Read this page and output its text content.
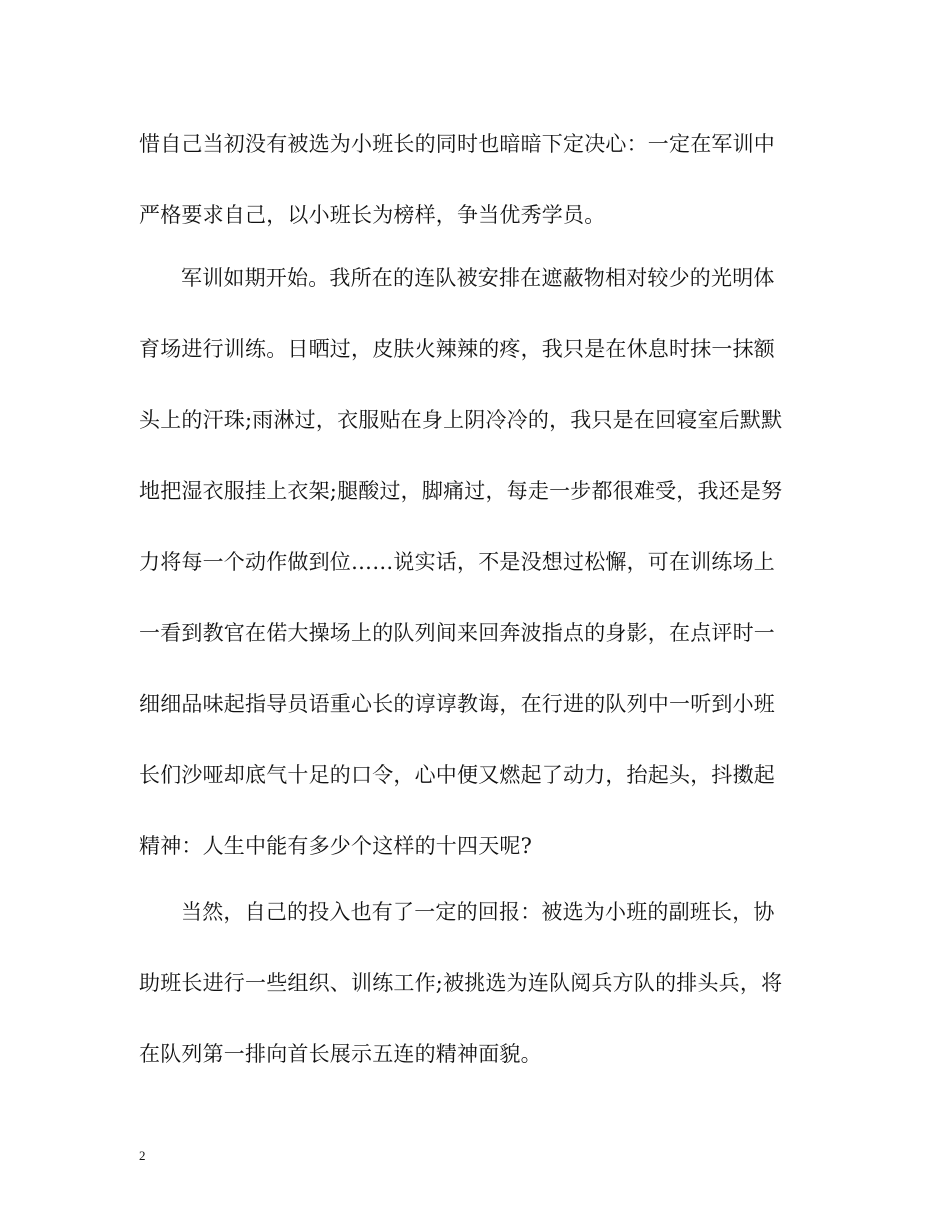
惜自己当初没有被选为小班长的同时也暗暗下定决心：一定在军训中
严格要求自己，以小班长为榜样，争当优秀学员。
军训如期开始。我所在的连队被安排在遮蔽物相对较少的光明体
育场进行训练。日晒过，皮肤火辣辣的疼，我只是在休息时抹一抹额
头上的汗珠;雨淋过，衣服贴在身上阴冷冷的，我只是在回寝室后默默
地把湿衣服挂上衣架;腿酸过，脚痛过，每走一步都很难受，我还是努
力将每一个动作做到位……说实话，不是没想过松懈，可在训练场上
一看到教官在偌大操场上的队列间来回奔波指点的身影，在点评时一
细细品味起指导员语重心长的谆谆教诲，在行进的队列中一听到小班
长们沙哑却底气十足的口令，心中便又燃起了动力，抬起头，抖擞起
精神：人生中能有多少个这样的十四天呢?
当然，自己的投入也有了一定的回报：被选为小班的副班长，协
助班长进行一些组织、训练工作;被挑选为连队阅兵方队的排头兵，将
在队列第一排向首长展示五连的精神面貌。
2
